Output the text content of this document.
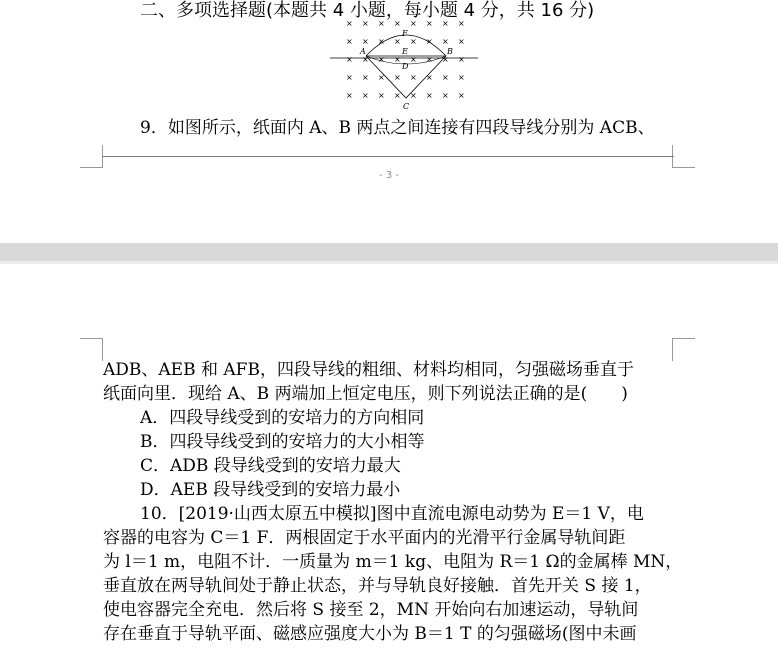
二、多项选择题(本题共 4 小题，每小题 4 分，共 16 分)
× × × × × × × ×
× × × × × × × ×
× × × × × × × ×
× × × × × × × ×
× × × × × × × ×
A	B
C
D
E
F
9．如图所示，纸面内 A、B 两点之间连接有四段导线分别为 ACB、
- 3 -
ADB、AEB 和 AFB，四段导线的粗细、材料均相同，匀强磁场垂直于
纸面向里．现给 A、B 两端加上恒定电压，则下列说法正确的是(　　)
A．四段导线受到的安培力的方向相同
B．四段导线受到的安培力的大小相等
C．ADB 段导线受到的安培力最大
D．AEB 段导线受到的安培力最小
10．[2019·山西太原五中模拟]图中直流电源电动势为 E＝1 V，电
容器的电容为 C＝1 F．两根固定于水平面内的光滑平行金属导轨间距
为 l＝1 m，电阻不计．一质量为 m＝1 kg、电阻为 R＝1 Ω的金属棒 MN，
垂直放在两导轨间处于静止状态，并与导轨良好接触．首先开关 S 接 1，
使电容器完全充电．然后将 S 接至 2，MN 开始向右加速运动，导轨间
存在垂直于导轨平面、磁感应强度大小为 B＝1 T 的匀强磁场(图中未画
